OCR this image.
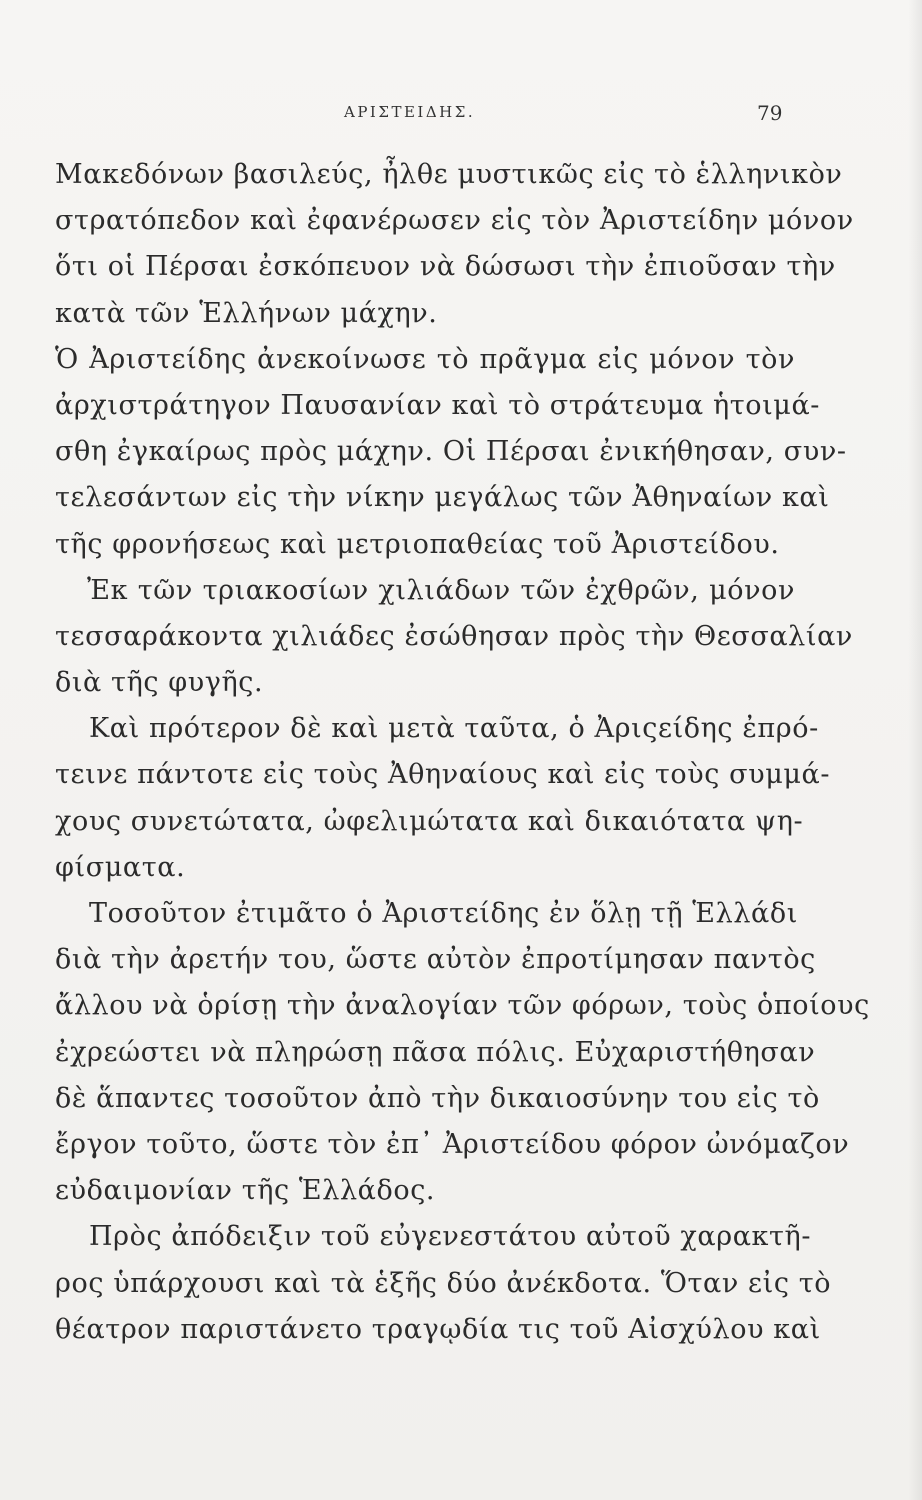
ΑΡΙΣΤΕΙΔΗΣ.	79
Μακεδόνων βασιλεύς, ἦλθε μυστικῶς εἰς τὸ ἑλληνικὸν
στρατόπεδον καὶ ἐφανέρωσεν εἰς τὸν Ἀριστείδην μόνον
ὅτι οἱ Πέρσαι ἐσκόπευον νὰ δώσωσι τὴν ἐπιοῦσαν τὴν
κατὰ τῶν Ἑλλήνων μάχην.
Ὁ Ἀριστείδης ἀνεκοίνωσε τὸ πρᾶγμα εἰς μόνον τὸν
ἀρχιστράτηγον Παυσανίαν καὶ τὸ στράτευμα ἡτοιμά-
σθη ἐγκαίρως πρὸς μάχην. Οἱ Πέρσαι ἐνικήθησαν, συν-
τελεσάντων εἰς τὴν νίκην μεγάλως τῶν Ἀθηναίων καὶ
τῆς φρονήσεως καὶ μετριοπαθείας τοῦ Ἀριστείδου.
Ἐκ τῶν τριακοσίων χιλιάδων τῶν ἐχθρῶν, μόνον
τεσσαράκοντα χιλιάδες ἐσώθησαν πρὸς τὴν Θεσσαλίαν
διὰ τῆς φυγῆς.
Καὶ πρότερον δὲ καὶ μετὰ ταῦτα, ὁ Ἀριςείδης ἐπρό-
τεινε πάντοτε εἰς τοὺς Ἀθηναίους καὶ εἰς τοὺς συμμά-
χους συνετώτατα, ὠφελιμώτατα καὶ δικαιότατα ψη-
φίσματα.
Τοσοῦτον ἐτιμᾶτο ὁ Ἀριστείδης ἐν ὅλῃ τῇ Ἑλλάδι
διὰ τὴν ἀρετήν του, ὥστε αὐτὸν ἐπροτίμησαν παντὸς
ἄλλου νὰ ὁρίσῃ τὴν ἀναλογίαν τῶν φόρων, τοὺς ὁποίους
ἐχρεώστει νὰ πληρώσῃ πᾶσα πόλις. Εὐχαριστήθησαν
δὲ ἅπαντες τοσοῦτον ἀπὸ τὴν δικαιοσύνην του εἰς τὸ
ἔργον τοῦτο, ὥστε τὸν ἐπ᾽ Ἀριστείδου φόρον ὠνόμαζον
εὐδαιμονίαν τῆς Ἑλλάδος.
Πρὸς ἀπόδειξιν τοῦ εὐγενεστάτου αὐτοῦ χαρακτῆ-
ρος ὑπάρχουσι καὶ τὰ ἑξῆς δύο ἀνέκδοτα. Ὅταν εἰς τὸ
θέατρον παριστάνετο τραγῳδία τις τοῦ Αἰσχύλου καὶ
